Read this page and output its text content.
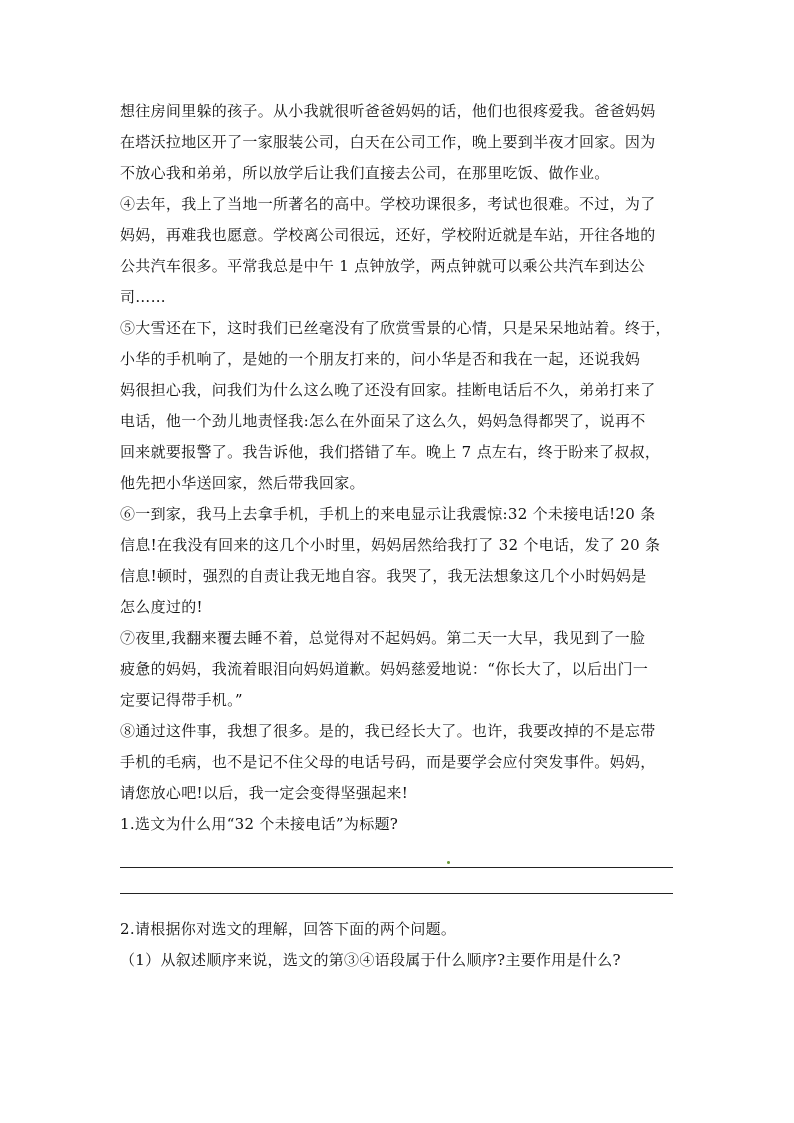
想往房间里躲的孩子。从小我就很听爸爸妈妈的话，他们也很疼爱我。爸爸妈妈
在塔沃拉地区开了一家服装公司，白天在公司工作，晚上要到半夜才回家。因为
不放心我和弟弟，所以放学后让我们直接去公司，在那里吃饭、做作业。
④去年，我上了当地一所著名的高中。学校功课很多，考试也很难。不过，为了
妈妈，再难我也愿意。学校离公司很远，还好，学校附近就是车站，开往各地的
公共汽车很多。平常我总是中午 1 点钟放学，两点钟就可以乘公共汽车到达公
司……
⑤大雪还在下，这时我们已丝毫没有了欣赏雪景的心情，只是呆呆地站着。终于，
小华的手机响了，是她的一个朋友打来的，问小华是否和我在一起，还说我妈
妈很担心我，问我们为什么这么晚了还没有回家。挂断电话后不久，弟弟打来了
电话，他一个劲儿地责怪我:怎么在外面呆了这么久，妈妈急得都哭了，说再不
回来就要报警了。我告诉他，我们搭错了车。晚上 7 点左右，终于盼来了叔叔，
他先把小华送回家，然后带我回家。
⑥一到家，我马上去拿手机，手机上的来电显示让我震惊:32 个未接电话!20 条
信息!在我没有回来的这几个小时里，妈妈居然给我打了 32 个电话，发了 20 条
信息!顿时，强烈的自责让我无地自容。我哭了，我无法想象这几个小时妈妈是
怎么度过的!
⑦夜里,我翻来覆去睡不着，总觉得对不起妈妈。第二天一大早，我见到了一脸
疲惫的妈妈，我流着眼泪向妈妈道歉。妈妈慈爱地说：“你长大了，以后出门一
定要记得带手机。”
⑧通过这件事，我想了很多。是的，我已经长大了。也许，我要改掉的不是忘带
手机的毛病，也不是记不住父母的电话号码，而是要学会应付突发事件。妈妈，
请您放心吧!以后，我一定会变得坚强起来!
1.选文为什么用“32 个未接电话”为标题?
2.请根据你对选文的理解，回答下面的两个问题。
（1）从叙述顺序来说，选文的第③④语段属于什么顺序?主要作用是什么?
